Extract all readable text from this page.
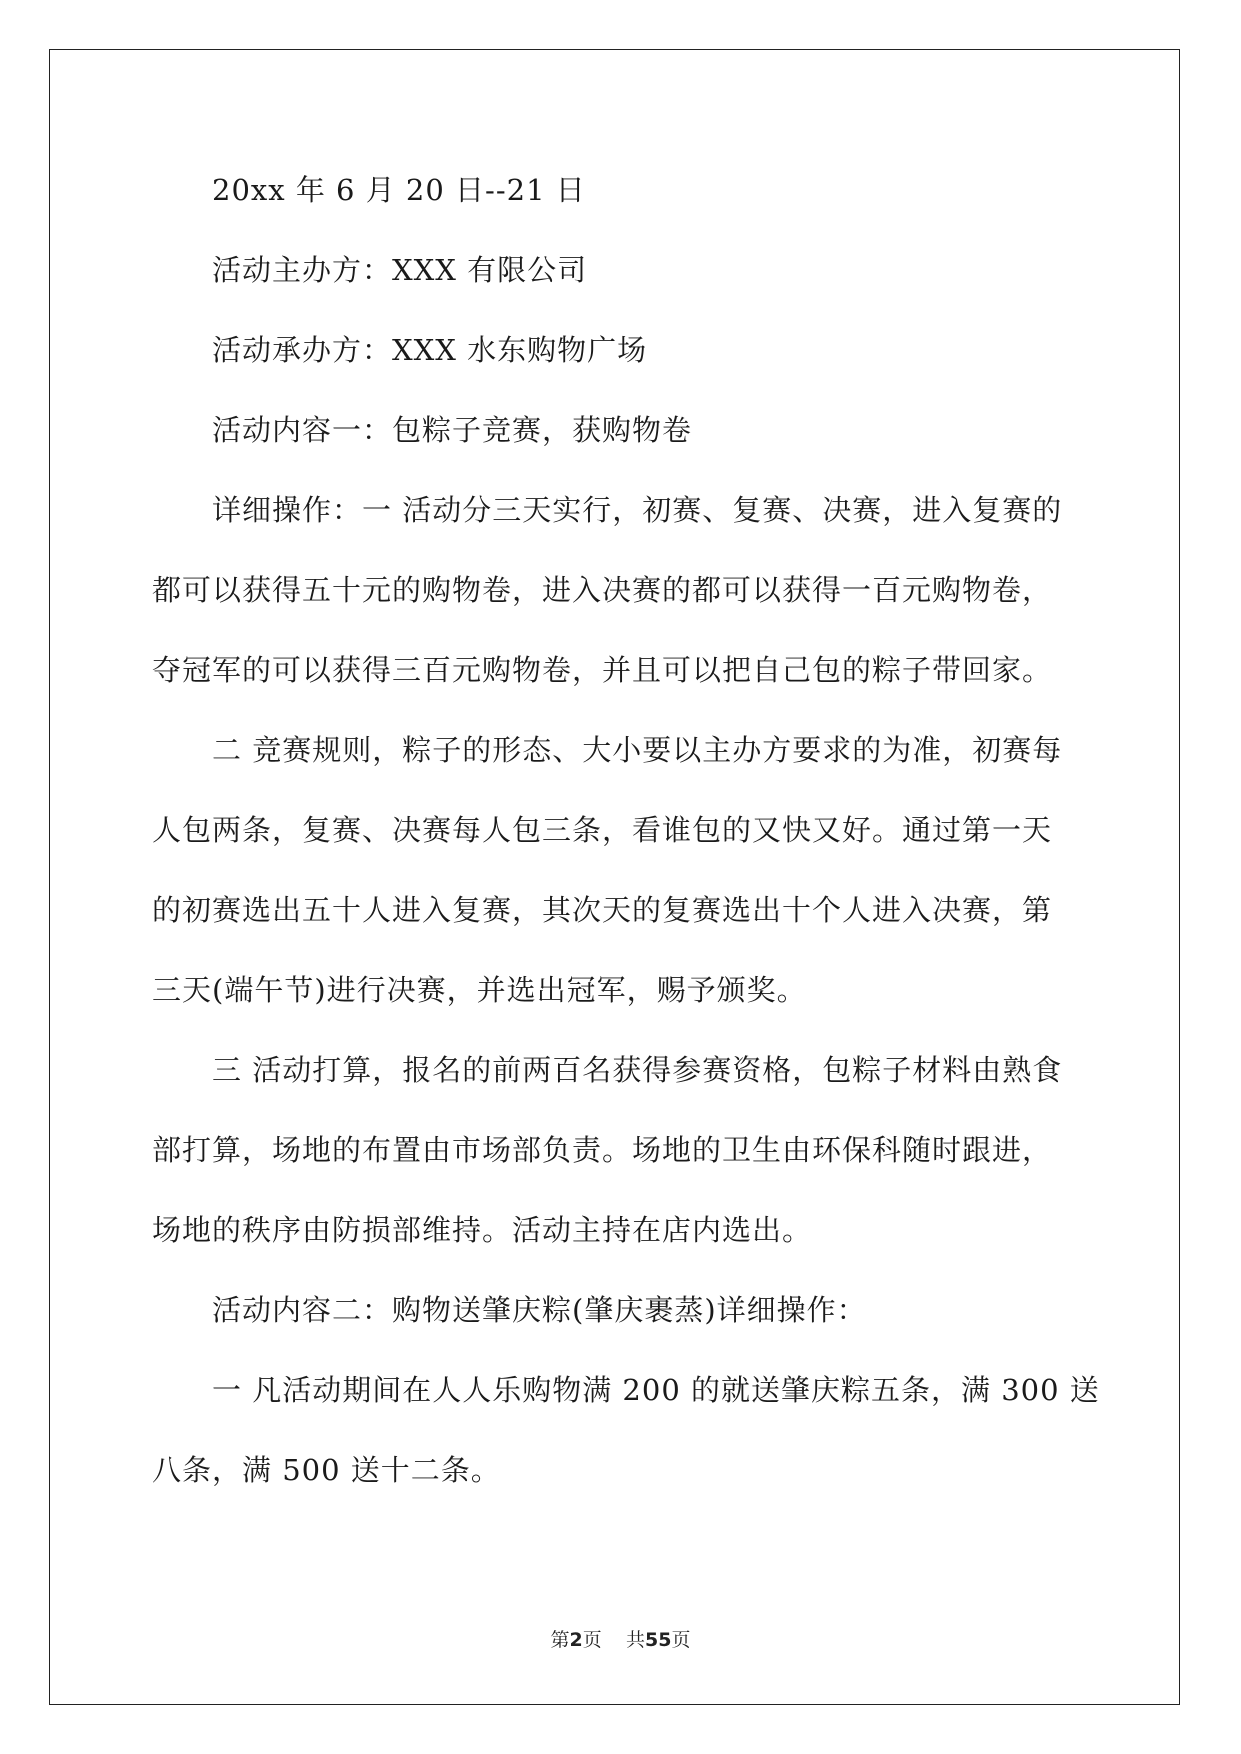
20xx 年 6 月 20 日--21 日
活动主办方：XXX 有限公司
活动承办方：XXX 水东购物广场
活动内容一：包粽子竞赛，获购物卷
详细操作：一 活动分三天实行，初赛、复赛、决赛，进入复赛的
都可以获得五十元的购物卷，进入决赛的都可以获得一百元购物卷，
夺冠军的可以获得三百元购物卷，并且可以把自己包的粽子带回家。
二 竞赛规则，粽子的形态、大小要以主办方要求的为准，初赛每
人包两条，复赛、决赛每人包三条，看谁包的又快又好。通过第一天
的初赛选出五十人进入复赛，其次天的复赛选出十个人进入决赛，第
三天(端午节)进行决赛，并选出冠军，赐予颁奖。
三 活动打算，报名的前两百名获得参赛资格，包粽子材料由熟食
部打算，场地的布置由市场部负责。场地的卫生由环保科随时跟进，
场地的秩序由防损部维持。活动主持在店内选出。
活动内容二：购物送肇庆粽(肇庆裹蒸)详细操作：
一 凡活动期间在人人乐购物满 200 的就送肇庆粽五条，满 300 送
八条，满 500 送十二条。
第2页 共55页
